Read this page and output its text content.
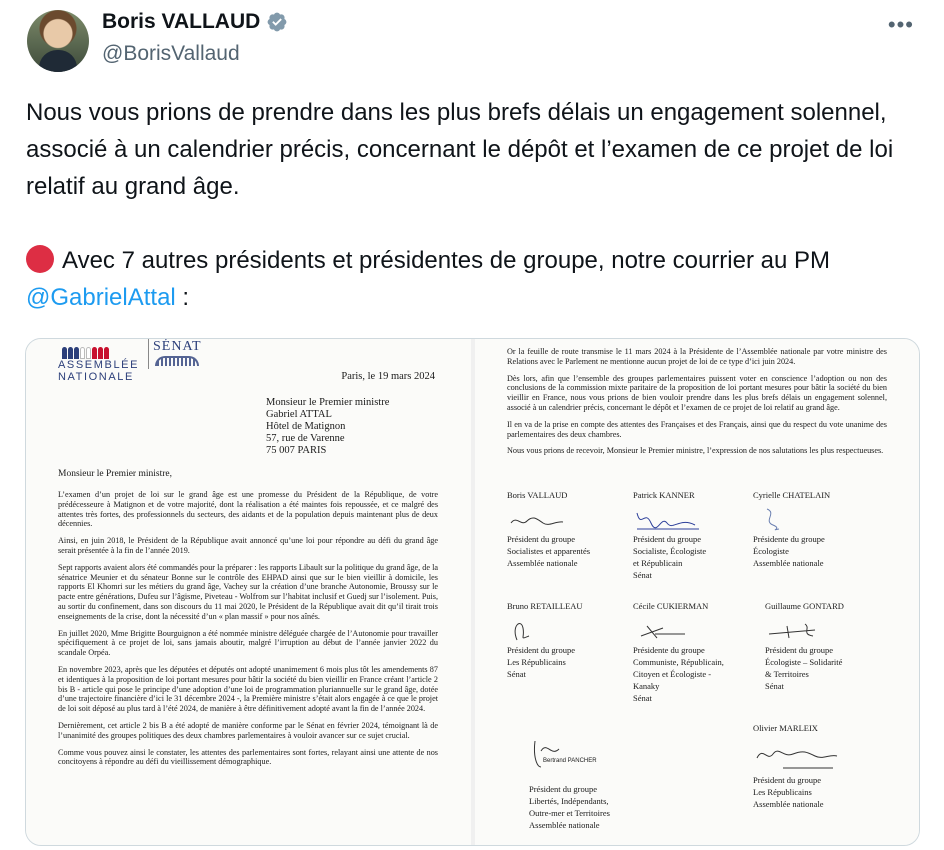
Boris VALLAUD
@BorisVallaud
•••

Nous vous prions de prendre dans les plus brefs délais un engagement solennel, associé à un calendrier précis, concernant le dépôt et l’examen de ce projet de loi relatif au grand âge.

Avec 7 autres présidents et présidentes de groupe, notre courrier au PM @GabrielAttal :

ASSEMBLÉE NATIONALE
SÉNAT
Paris, le 19 mars 2024
Monsieur le Premier ministre
Gabriel ATTAL
Hôtel de Matignon
57, rue de Varenne
75 007 PARIS
Monsieur le Premier ministre,

L’examen d’un projet de loi sur le grand âge est une promesse du Président de la République, de votre prédécesseure à Matignon et de votre majorité, dont la réalisation a été maintes fois repoussée, et ce malgré des attentes très fortes, des professionnels du secteurs, des aidants et de la population depuis maintenant plus de deux décennies.

Ainsi, en juin 2018, le Président de la République avait annoncé qu’une loi pour répondre au défi du grand âge serait présentée à la fin de l’année 2019.

Sept rapports avaient alors été commandés pour la préparer : les rapports Libault sur la politique du grand âge, de la sénatrice Meunier et du sénateur Bonne sur le contrôle des EHPAD ainsi que sur le bien vieillir à domicile, les rapports El Khomri sur les métiers du grand âge, Vachey sur la création d’une branche Autonomie, Broussy sur le pacte entre générations, Dufeu sur l’âgisme, Piveteau - Wolfrom sur l’habitat inclusif et Guedj sur l’isolement. Puis, au sortir du confinement, dans son discours du 11 mai 2020, le Président de la République avait dit qu’il tirait trois enseignements de la crise, dont la nécessité d’un « plan massif » pour nos aînés.

En juillet 2020, Mme Brigitte Bourguignon a été nommée ministre déléguée chargée de l’Autonomie pour travailler spécifiquement à ce projet de loi, sans jamais aboutir, malgré l’irruption au début de l’année janvier 2022 du scandale Orpéa.

En novembre 2023, après que les députées et députés ont adopté unanimement 6 mois plus tôt les amendements 87 et identiques à la proposition de loi portant mesures pour bâtir la société du bien vieillir en France créant l’article 2 bis B - article qui pose le principe d’une adoption d’une loi de programmation pluriannuelle sur le grand âge, dotée d’une trajectoire financière d’ici le 31 décembre 2024 -, la Première ministre s’était alors engagée à ce que le projet de loi soit déposé au plus tard à l’été 2024, de manière à être définitivement adopté avant la fin de l’année 2024.

Dernièrement, cet article 2 bis B a été adopté de manière conforme par le Sénat en février 2024, témoignant là de l’unanimité des groupes politiques des deux chambres parlementaires à vouloir avancer sur ce sujet crucial.

Comme vous pouvez ainsi le constater, les attentes des parlementaires sont fortes, relayant ainsi une attente de nos concitoyens à répondre au défi du vieillissement démographique.

Or la feuille de route transmise le 11 mars 2024 à la Présidente de l’Assemblée nationale par votre ministre des Relations avec le Parlement ne mentionne aucun projet de loi de ce type d’ici juin 2024.

Dès lors, afin que l’ensemble des groupes parlementaires puissent voter en conscience l’adoption ou non des conclusions de la commission mixte paritaire de la proposition de loi portant mesures pour bâtir la société du bien vieillir en France, nous vous prions de bien vouloir prendre dans les plus brefs délais un engagement solennel, associé à un calendrier précis, concernant le dépôt et l’examen de ce projet de loi relatif au grand âge.

Il en va de la prise en compte des attentes des Françaises et des Français, ainsi que du respect du vote unanime des parlementaires des deux chambres.

Nous vous prions de recevoir, Monsieur le Premier ministre, l’expression de nos salutations les plus respectueuses.

Boris VALLAUD
Président du groupe
Socialistes et apparentés
Assemblée nationale
Patrick KANNER
Président du groupe
Socialiste, Écologiste
et Républicain
Sénat
Cyrielle CHATELAIN
Présidente du groupe
Écologiste
Assemblée nationale
Bruno RETAILLEAU
Président du groupe
Les Républicains
Sénat
Cécile CUKIERMAN
Présidente du groupe
Communiste, Républicain,
Citoyen et Écologiste -
Kanaky
Sénat
Guillaume GONTARD
Président du groupe
Écologiste – Solidarité
& Territoires
Sénat
Bertrand PANCHER
Président du groupe
Libertés, Indépendants,
Outre-mer et Territoires
Assemblée nationale
Olivier MARLEIX
Président du groupe
Les Républicains
Assemblée nationale
